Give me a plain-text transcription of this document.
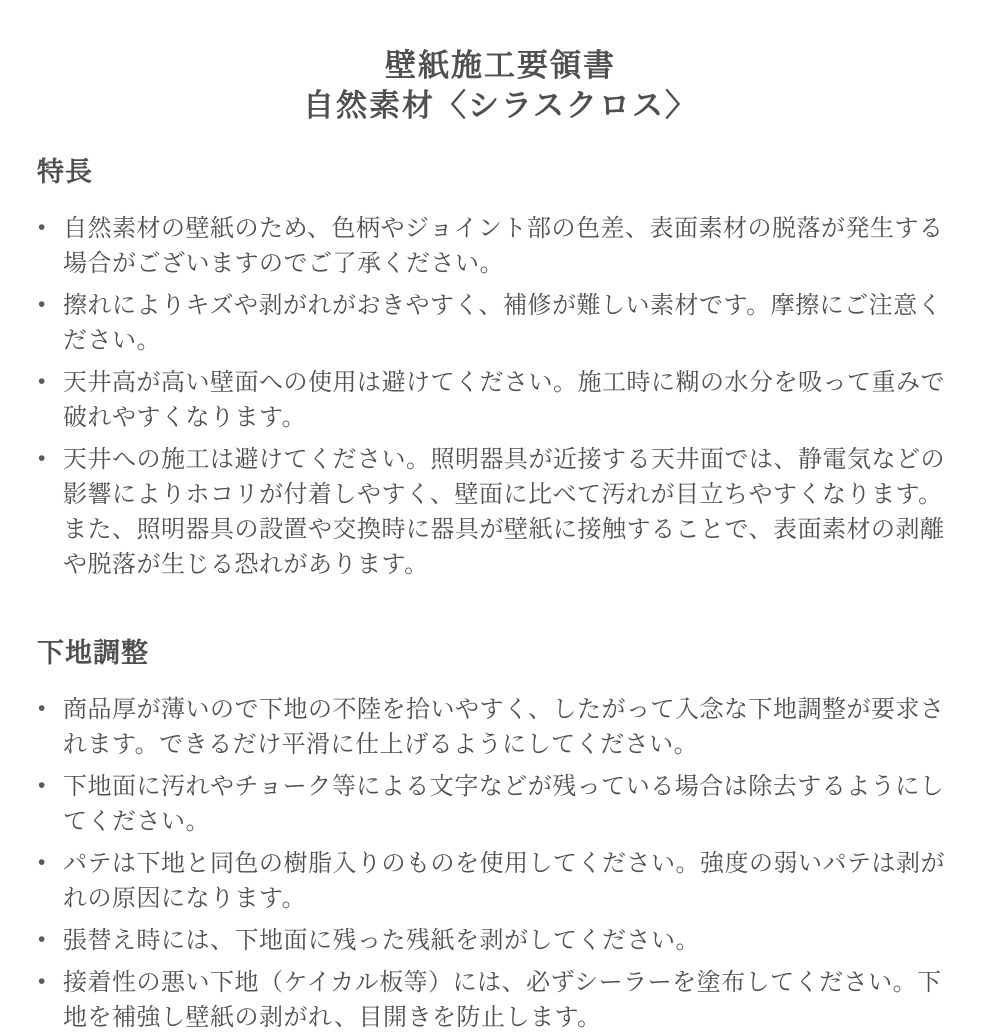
壁紙施工要領書
自然素材〈シラスクロス〉
特長
• 自然素材の壁紙のため、色柄やジョイント部の色差、表面素材の脱落が発生する場合がございますのでご了承ください。
• 擦れによりキズや剥がれがおきやすく、補修が難しい素材です。摩擦にご注意ください。
• 天井高が高い壁面への使用は避けてください。施工時に糊の水分を吸って重みで破れやすくなります。
• 天井への施工は避けてください。照明器具が近接する天井面では、静電気などの影響によりホコリが付着しやすく、壁面に比べて汚れが目立ちやすくなります。また、照明器具の設置や交換時に器具が壁紙に接触することで、表面素材の剥離や脱落が生じる恐れがあります。
下地調整
• 商品厚が薄いので下地の不陸を拾いやすく、したがって入念な下地調整が要求されます。できるだけ平滑に仕上げるようにしてください。
• 下地面に汚れやチョーク等による文字などが残っている場合は除去するようにしてください。
• パテは下地と同色の樹脂入りのものを使用してください。強度の弱いパテは剥がれの原因になります。
• 張替え時には、下地面に残った残紙を剥がしてください。
• 接着性の悪い下地（ケイカル板等）には、必ずシーラーを塗布してください。下地を補強し壁紙の剥がれ、目開きを防止します。
